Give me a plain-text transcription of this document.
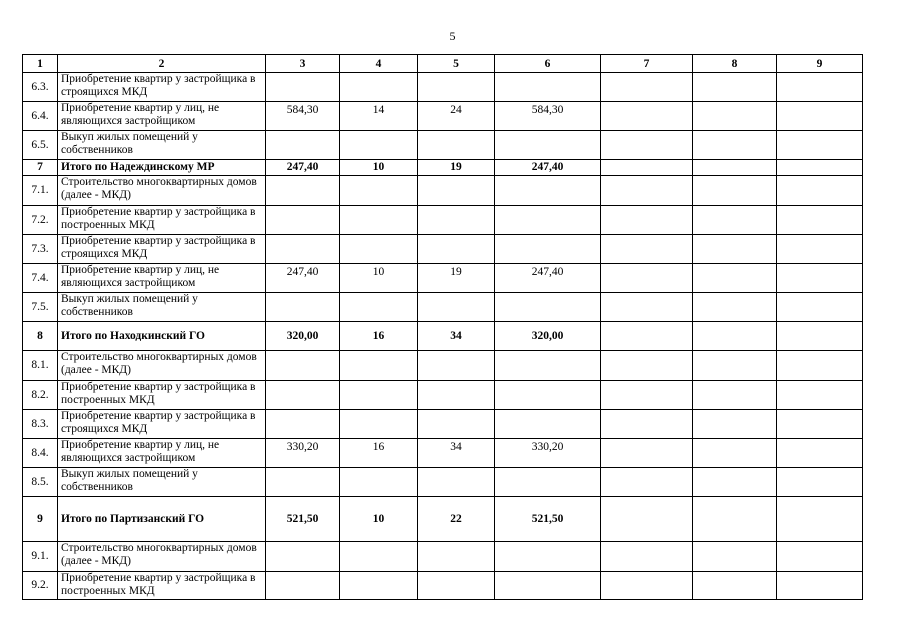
5
1	2	3	4	5	6	7	8	9
6.3.	Приобретение квартир у застройщика в строящихся МКД							
6.4.	Приобретение квартир у лиц, не являющихся застройщиком	584,30	14	24	584,30			
6.5.	Выкуп жилых помещений у собственников							
7	Итого по Надеждинскому МР	247,40	10	19	247,40			
7.1.	Строительство многоквартирных домов (далее - МКД)							
7.2.	Приобретение квартир у застройщика в построенных МКД							
7.3.	Приобретение квартир у застройщика в строящихся МКД							
7.4.	Приобретение квартир у лиц, не являющихся застройщиком	247,40	10	19	247,40			
7.5.	Выкуп жилых помещений у собственников							
8	Итого по Находкинский ГО	320,00	16	34	320,00			
8.1.	Строительство многоквартирных домов (далее - МКД)							
8.2.	Приобретение квартир у застройщика в построенных МКД							
8.3.	Приобретение квартир у застройщика в строящихся МКД							
8.4.	Приобретение квартир у лиц, не являющихся застройщиком	330,20	16	34	330,20			
8.5.	Выкуп жилых помещений у собственников							
9	Итого по Партизанский ГО	521,50	10	22	521,50			
9.1.	Строительство многоквартирных домов (далее - МКД)							
9.2.	Приобретение квартир у застройщика в построенных МКД							
